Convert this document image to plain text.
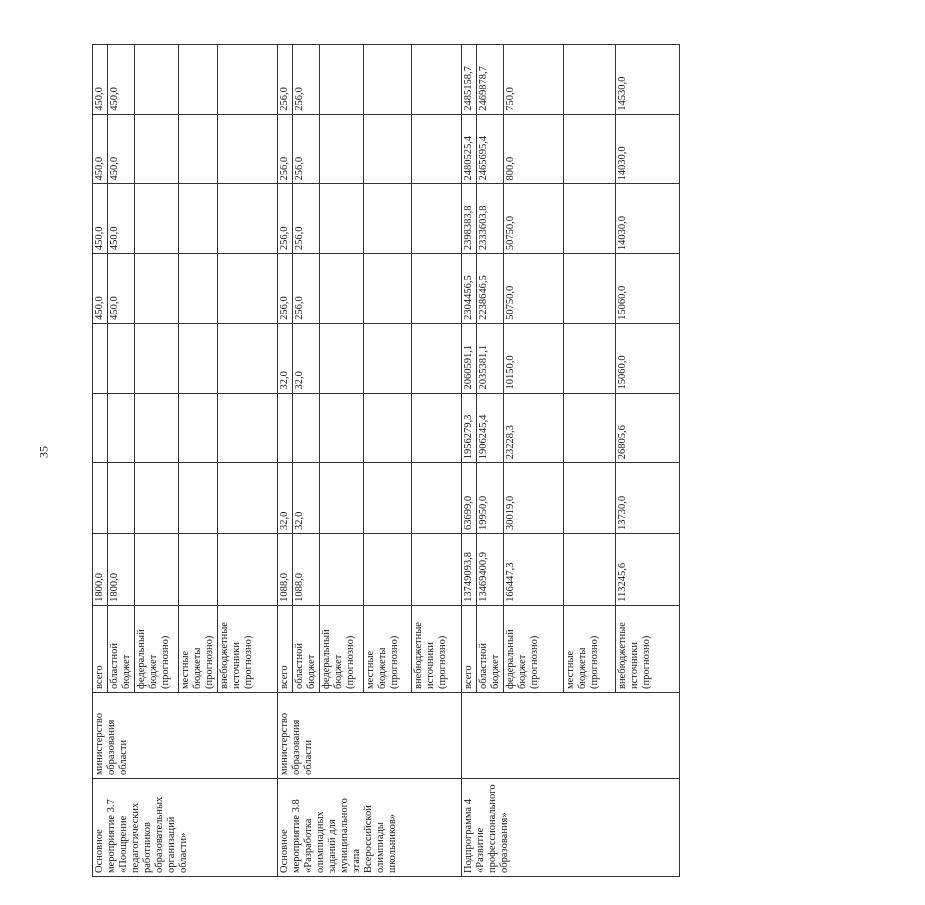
35
Основное мероприятие 3.7 «Поощрение педагогических работников образовательных организаций области»	министерство образования области	всего	1800,0				450,0	450,0	450,0	450,0
		областной бюджет	1800,0				450,0	450,0	450,0	450,0
		федеральный бюджет (прогнозно)								
		местные бюджеты (прогнозно)								
		внебюджетные источники (прогнозно)								
Основное мероприятие 3.8 «Разработка олимпиадных заданий для муниципального этапа Всероссийской олимпиады школьников»	министерство образования области	всего	1088,0	32,0		32,0	256,0	256,0	256,0	256,0
		областной бюджет	1088,0	32,0		32,0	256,0	256,0	256,0	256,0
		федеральный бюджет (прогнозно)								
		местные бюджеты (прогнозно)								
		внебюджетные источники (прогнозно)								
Подпрограмма 4 «Развитие профессионального образования»		всего	13749093,8	63699,0	1956279,3	2060591,1	2304456,5	2398383,8	2480525,4	2485158,7
		областной бюджет	13469400,9	19950,0	1906245,4	2035381,1	2238646,5	2333603,8	2465695,4	2469878,7
		федеральный бюджет (прогнозно)	166447,3	30019,0	23228,3	10150,0	50750,0	50750,0	800,0	750,0
		местные бюджеты (прогнозно)								
		внебюджетные источники (прогнозно)	113245,6	13730,0	26805,6	15060,0	15060,0	14030,0	14030,0	14530,0
